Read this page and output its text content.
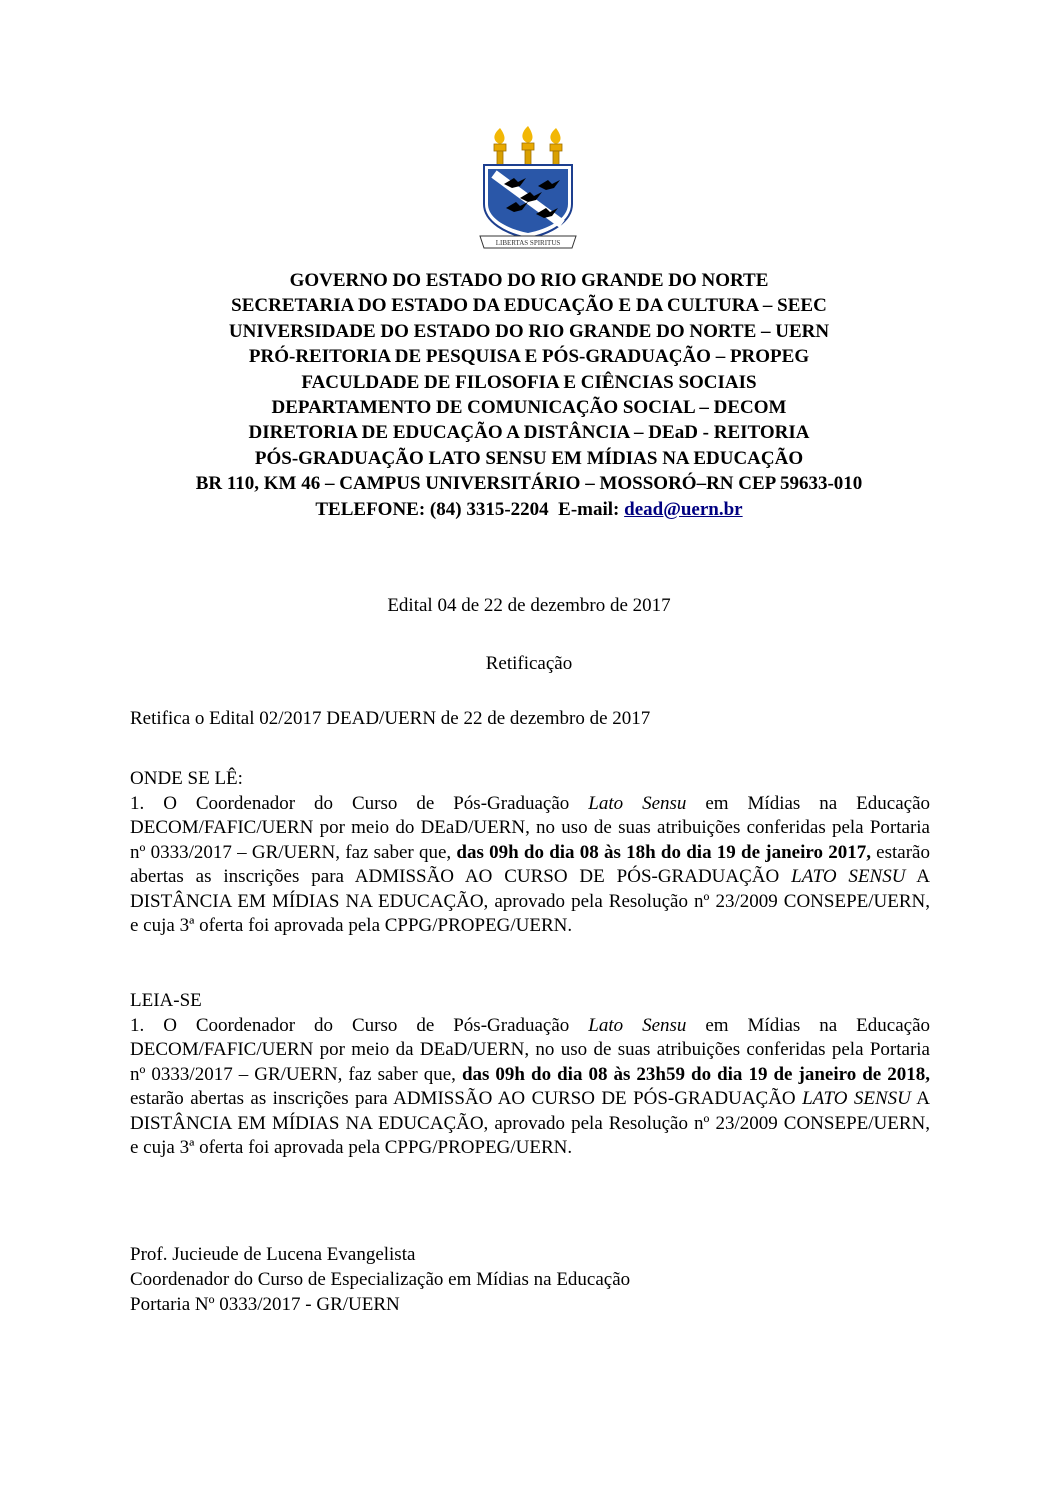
LIBERTAS SPIRITUS
GOVERNO DO ESTADO DO RIO GRANDE DO NORTE
SECRETARIA DO ESTADO DA EDUCAÇÃO E DA CULTURA – SEEC
UNIVERSIDADE DO ESTADO DO RIO GRANDE DO NORTE – UERN
PRÓ-REITORIA DE PESQUISA E PÓS-GRADUAÇÃO – PROPEG
FACULDADE DE FILOSOFIA E CIÊNCIAS SOCIAIS
DEPARTAMENTO DE COMUNICAÇÃO SOCIAL – DECOM
DIRETORIA DE EDUCAÇÃO A DISTÂNCIA – DEaD - REITORIA
PÓS-GRADUAÇÃO LATO SENSU EM MÍDIAS NA EDUCAÇÃO
BR 110, KM 46 – CAMPUS UNIVERSITÁRIO – MOSSORÓ–RN CEP 59633-010
TELEFONE: (84) 3315-2204  E-mail: dead@uern.br
Edital 04 de 22 de dezembro de 2017
Retificação
Retifica o Edital 02/2017 DEAD/UERN de 22 de dezembro de 2017
ONDE SE LÊ:
1. O Coordenador do Curso de Pós-Graduação Lato Sensu em Mídias na Educação DECOM/FAFIC/UERN por meio do DEaD/UERN, no uso de suas atribuições conferidas pela Portaria nº 0333/2017 – GR/UERN, faz saber que, das 09h do dia 08 às 18h do dia 19 de janeiro 2017, estarão abertas as inscrições para ADMISSÃO AO CURSO DE PÓS-GRADUAÇÃO LATO SENSU A DISTÂNCIA EM MÍDIAS NA EDUCAÇÃO, aprovado pela Resolução nº 23/2009 CONSEPE/UERN, e cuja 3ª oferta foi aprovada pela CPPG/PROPEG/UERN.
LEIA-SE
1. O Coordenador do Curso de Pós-Graduação Lato Sensu em Mídias na Educação DECOM/FAFIC/UERN por meio da DEaD/UERN, no uso de suas atribuições conferidas pela Portaria nº 0333/2017 – GR/UERN, faz saber que, das 09h do dia 08 às 23h59 do dia 19 de janeiro de 2018, estarão abertas as inscrições para ADMISSÃO AO CURSO DE PÓS-GRADUAÇÃO LATO SENSU A DISTÂNCIA EM MÍDIAS NA EDUCAÇÃO, aprovado pela Resolução nº 23/2009 CONSEPE/UERN, e cuja 3ª oferta foi aprovada pela CPPG/PROPEG/UERN.
Prof. Jucieude de Lucena Evangelista
Coordenador do Curso de Especialização em Mídias na Educação
Portaria Nº 0333/2017 - GR/UERN
